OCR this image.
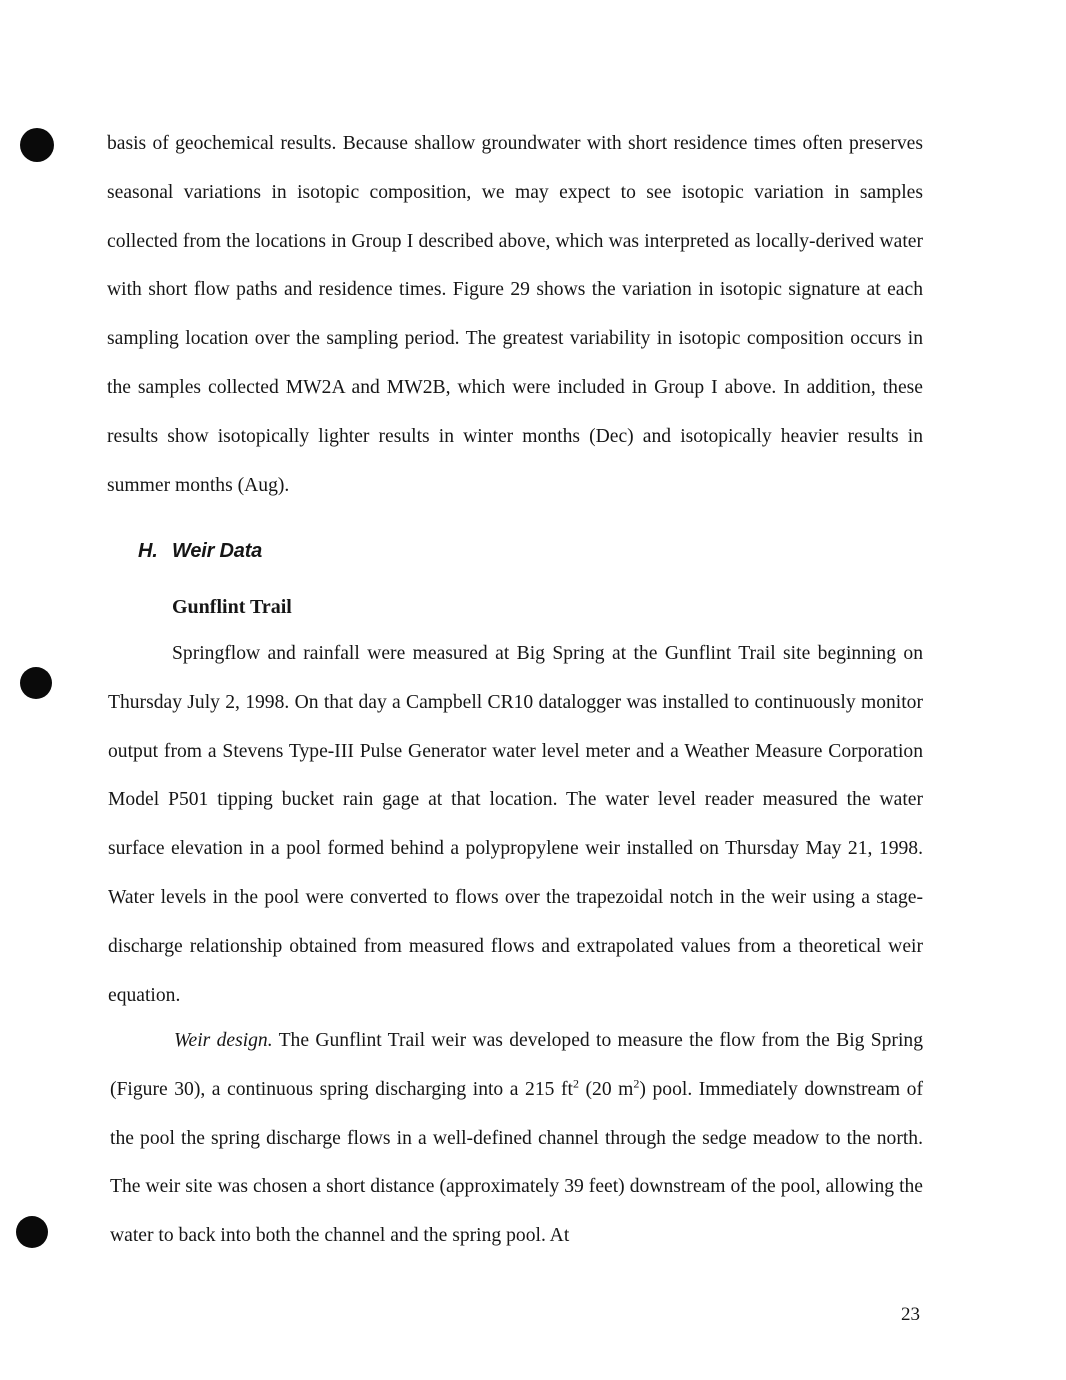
basis of geochemical results. Because shallow groundwater with short residence times often preserves seasonal variations in isotopic composition, we may expect to see isotopic variation in samples collected from the locations in Group I described above, which was interpreted as locally-derived water with short flow paths and residence times. Figure 29 shows the variation in isotopic signature at each sampling location over the sampling period. The greatest variability in isotopic composition occurs in the samples collected MW2A and MW2B, which were included in Group I above. In addition, these results show isotopically lighter results in winter months (Dec) and isotopically heavier results in summer months (Aug).

H. Weir Data
Gunflint Trail

Springflow and rainfall were measured at Big Spring at the Gunflint Trail site beginning on Thursday July 2, 1998. On that day a Campbell CR10 datalogger was installed to continuously monitor output from a Stevens Type-III Pulse Generator water level meter and a Weather Measure Corporation Model P501 tipping bucket rain gage at that location. The water level reader measured the water surface elevation in a pool formed behind a polypropylene weir installed on Thursday May 21, 1998. Water levels in the pool were converted to flows over the trapezoidal notch in the weir using a stage-discharge relationship obtained from measured flows and extrapolated values from a theoretical weir equation.

Weir design. The Gunflint Trail weir was developed to measure the flow from the Big Spring (Figure 30), a continuous spring discharging into a 215 $ft^2$ (20 $m^2$) pool. Immediately downstream of the pool the spring discharge flows in a well-defined channel through the sedge meadow to the north. The weir site was chosen a short distance (approximately 39 feet) downstream of the pool, allowing the water to back into both the channel and the spring pool. At

23
